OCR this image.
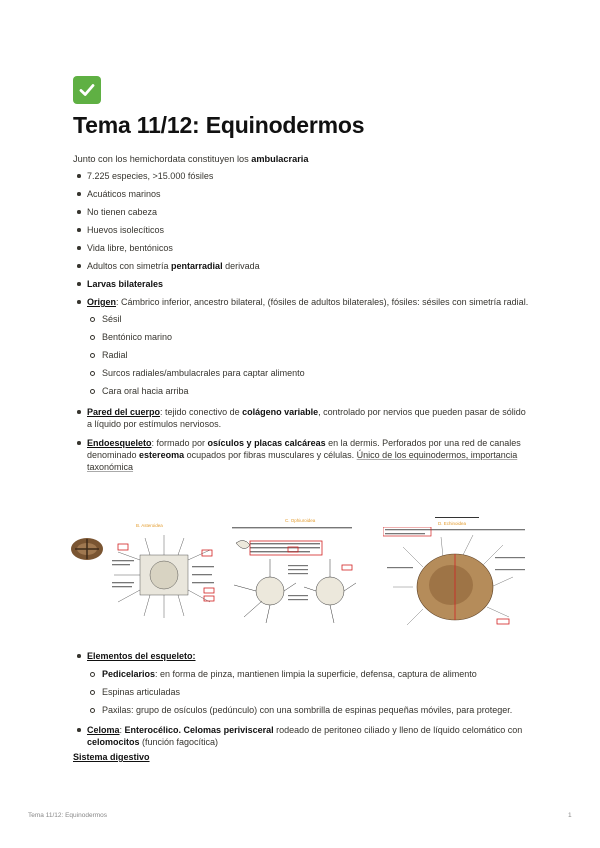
Tema 11/12: Equinodermos
Junto con los hemichordata constituyen los ambulacraria
7.225 especies, >15.000 fósiles
Acuáticos marinos
No tienen cabeza
Huevos isolecíticos
Vida libre, bentónicos
Adultos con simetría pentarradial derivada
Larvas bilaterales
Origen: Cámbrico inferior, ancestro bilateral, (fósiles de adultos bilaterales), fósiles: sésiles con simetría radial.
Sésil
Bentónico marino
Radial
Surcos radiales/ambulacrales para captar alimento
Cara oral hacia arriba
Pared del cuerpo: tejido conectivo de colágeno variable, controlado por nervios que pueden pasar de sólido a líquido por estímulos nerviosos.
Endoesqueleto: formado por osículos y placas calcáreas en la dermis. Perforados por una red de canales denominado estereoma ocupados por fibras musculares y células. Único de los equinodermos, importancia taxonómica
B. Asteroidea
C. Ophiuroidea
D. Echinoidea
Elementos del esqueleto:
Pedicelarios: en forma de pinza, mantienen limpia la superficie, defensa, captura de alimento
Espinas articuladas
Paxilas: grupo de osículos (pedúnculo) con una sombrilla de espinas pequeñas móviles, para proteger.
Celoma: Enterocélico. Celomas perivisceral rodeado de peritoneo ciliado y lleno de líquido celomático con celomocitos (función fagocítica)
Sistema digestivo
Tema 11/12: Equinodermos	1
